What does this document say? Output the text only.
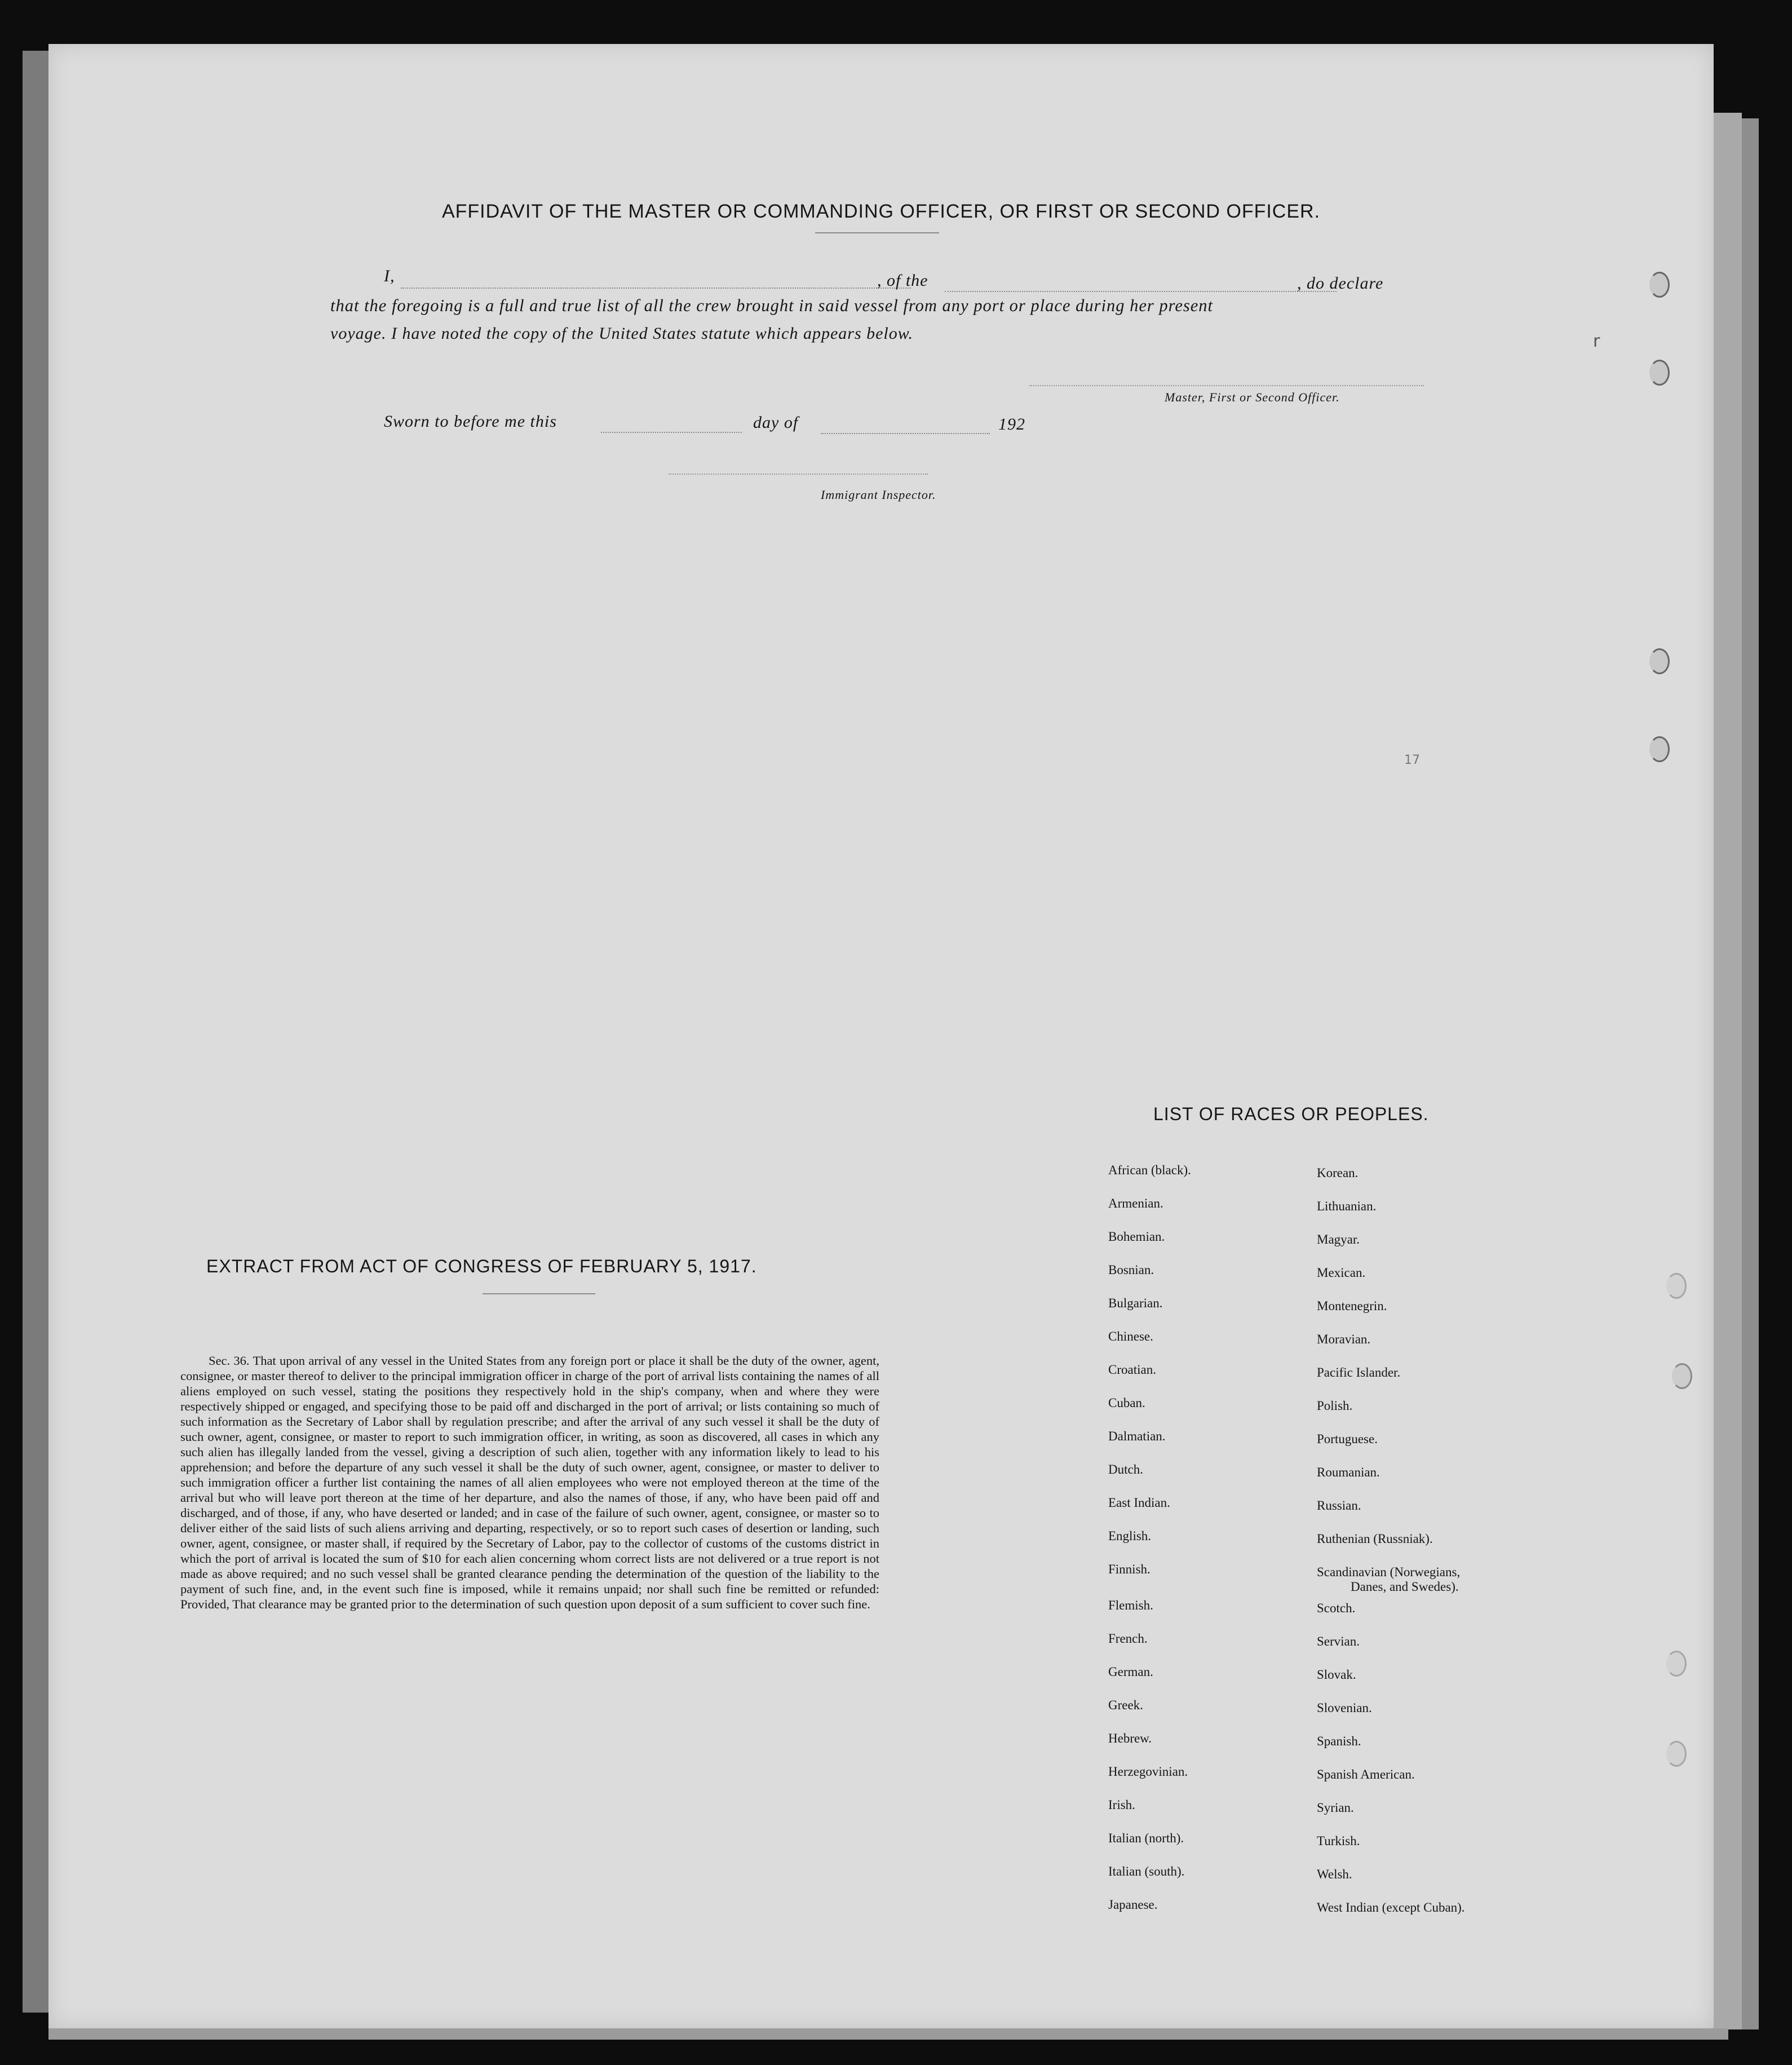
AFFIDAVIT OF THE MASTER OR COMMANDING OFFICER, OR FIRST OR SECOND OFFICER.
I,	, of the	, do declare
that the foregoing is a full and true list of all the crew brought in said vessel from any port or place during her present
voyage. I have noted the copy of the United States statute which appears below.
Master, First or Second Officer.
Sworn to before me this	day of	192
Immigrant Inspector.
17
r
EXTRACT FROM ACT OF CONGRESS OF FEBRUARY 5, 1917.
Sec. 36. That upon arrival of any vessel in the United States from any foreign port or place it shall be the duty of the owner, agent, consignee, or master thereof to deliver to the principal immigration officer in charge of the port of arrival lists containing the names of all aliens employed on such vessel, stating the positions they respectively hold in the ship's company, when and where they were respectively shipped or engaged, and specifying those to be paid off and discharged in the port of arrival; or lists containing so much of such information as the Secretary of Labor shall by regulation prescribe; and after the arrival of any such vessel it shall be the duty of such owner, agent, consignee, or master to report to such immigration officer, in writing, as soon as discovered, all cases in which any such alien has illegally landed from the vessel, giving a description of such alien, together with any information likely to lead to his apprehension; and before the departure of any such vessel it shall be the duty of such owner, agent, consignee, or master to deliver to such immigration officer a further list containing the names of all alien employees who were not employed thereon at the time of the arrival but who will leave port thereon at the time of her departure, and also the names of those, if any, who have been paid off and discharged, and of those, if any, who have deserted or landed; and in case of the failure of such owner, agent, consignee, or master so to deliver either of the said lists of such aliens arriving and departing, respectively, or so to report such cases of desertion or landing, such owner, agent, consignee, or master shall, if required by the Secretary of Labor, pay to the collector of customs of the customs district in which the port of arrival is located the sum of $10 for each alien concerning whom correct lists are not delivered or a true report is not made as above required; and no such vessel shall be granted clearance pending the determination of the question of the liability to the payment of such fine, and, in the event such fine is imposed, while it remains unpaid; nor shall such fine be remitted or refunded: Provided, That clearance may be granted prior to the determination of such question upon deposit of a sum sufficient to cover such fine.
LIST OF RACES OR PEOPLES.
African (black).
Armenian.
Bohemian.
Bosnian.
Bulgarian.
Chinese.
Croatian.
Cuban.
Dalmatian.
Dutch.
East Indian.
English.
Finnish.
Flemish.
French.
German.
Greek.
Hebrew.
Herzegovinian.
Irish.
Italian (north).
Italian (south).
Japanese.
Korean.
Lithuanian.
Magyar.
Mexican.
Montenegrin.
Moravian.
Pacific Islander.
Polish.
Portuguese.
Roumanian.
Russian.
Ruthenian (Russniak).
Scandinavian (Norwegians,
Danes, and Swedes).
Scotch.
Servian.
Slovak.
Slovenian.
Spanish.
Spanish American.
Syrian.
Turkish.
Welsh.
West Indian (except Cuban).
